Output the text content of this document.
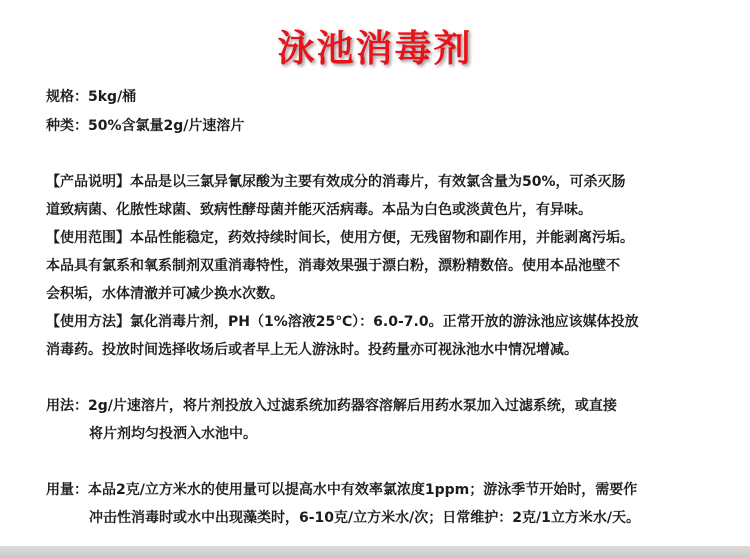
泳池消毒剂
规格：5kg/桶
种类：50%含氯量2g/片速溶片
【产品说明】本品是以三氯异氰尿酸为主要有效成分的消毒片，有效氯含量为50%，可杀灭肠
道致病菌、化脓性球菌、致病性酵母菌并能灭活病毒。本品为白色或淡黄色片，有异味。
【使用范围】本品性能稳定，药效持续时间长，使用方便，无残留物和副作用，并能剥离污垢。
本品具有氯系和氧系制剂双重消毒特性，消毒效果强于漂白粉，漂粉精数倍。使用本品池壁不
会积垢，水体清澈并可减少换水次数。
【使用方法】氯化消毒片剂，PH（1%溶液25℃）：6.0-7.0。正常开放的游泳池应该媒体投放
消毒药。投放时间选择收场后或者早上无人游泳时。投药量亦可视泳池水中情况增减。
用法：2g/片速溶片，将片剂投放入过滤系统加药器容溶解后用药水泵加入过滤系统，或直接
将片剂均匀投洒入水池中。
用量：本品2克/立方米水的使用量可以提高水中有效率氯浓度1ppm；游泳季节开始时，需要作
冲击性消毒时或水中出现藻类时，6-10克/立方米水/次；日常维护：2克/1立方米水/天。
